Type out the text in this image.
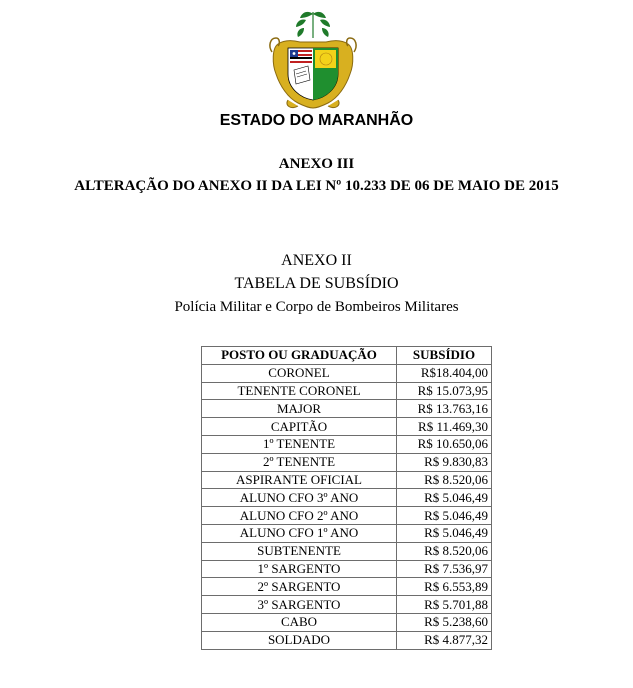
ESTADO DO MARANHÃO
ANEXO III
ALTERAÇÃO DO ANEXO II DA LEI Nº 10.233 DE 06 DE MAIO DE 2015
ANEXO II
TABELA DE SUBSÍDIO
Polícia Militar e Corpo de Bombeiros Militares
POSTO OU GRADUAÇÃO	SUBSÍDIO
CORONEL	R$18.404,00
TENENTE CORONEL	R$ 15.073,95
MAJOR	R$ 13.763,16
CAPITÃO	R$ 11.469,30
1º TENENTE	R$ 10.650,06
2º TENENTE	R$ 9.830,83
ASPIRANTE OFICIAL	R$ 8.520,06
ALUNO CFO 3º ANO	R$ 5.046,49
ALUNO CFO 2º ANO	R$ 5.046,49
ALUNO CFO 1º ANO	R$ 5.046,49
SUBTENENTE	R$ 8.520,06
1º SARGENTO	R$ 7.536,97
2º SARGENTO	R$ 6.553,89
3º SARGENTO	R$ 5.701,88
CABO	R$ 5.238,60
SOLDADO	R$ 4.877,32
